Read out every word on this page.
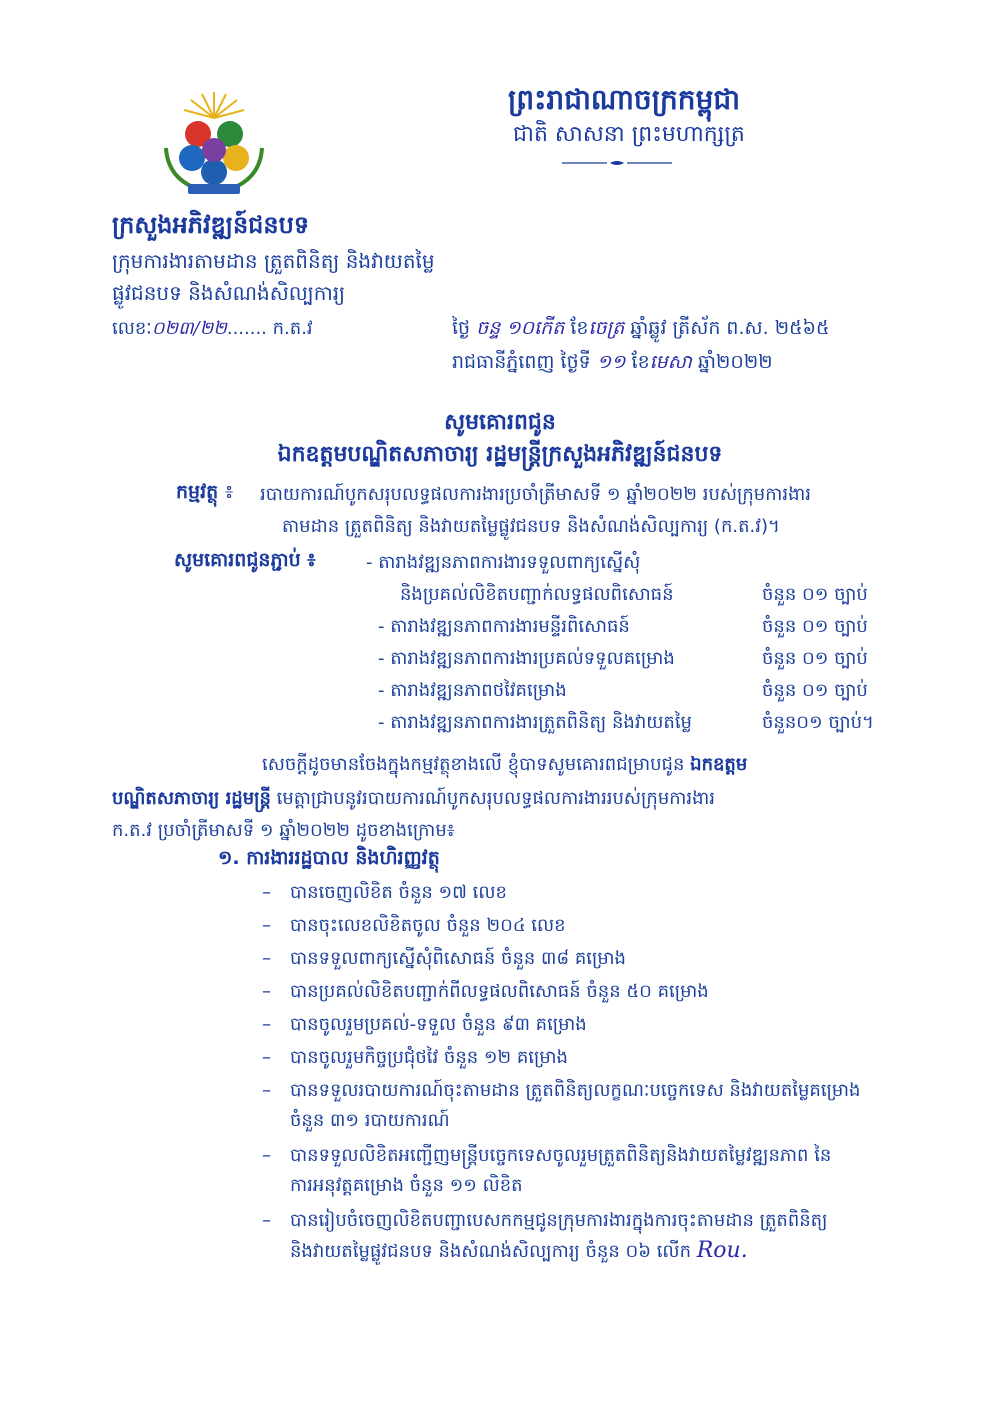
ព្រះរាជាណាចក្រកម្ពុជា
ជាតិ សាសនា ព្រះមហាក្សត្រ
ក្រសួងអភិវឌ្ឍន៍ជនបទ
ក្រុមការងារតាមដាន ត្រួតពិនិត្យ និងវាយតម្លៃ
ផ្លូវជនបទ និងសំណង់សិល្បការ្យ
លេខៈ០២៣/២២....... ក.ត.វ	ថ្ងៃ ចន្ទ ១០កើត ខែចេត្រ ឆ្នាំឆ្លូវ ត្រីស័ក ព.ស. ២៥៦៥
រាជធានីភ្នំពេញ ថ្ងៃទី ១១ ខែមេសា ឆ្នាំ២០២២
សូមគោរពជូន
ឯកឧត្តមបណ្ឌិតសភាចារ្យ រដ្ឋមន្ត្រីក្រសួងអភិវឌ្ឍន៍ជនបទ
កម្មវត្ថុ ៖ របាយការណ៍បូកសរុបលទ្ធផលការងារប្រចាំត្រីមាសទី ១ ឆ្នាំ២០២២ របស់ក្រុមការងារ
តាមដាន ត្រួតពិនិត្យ និងវាយតម្លៃផ្លូវជនបទ និងសំណង់សិល្បការ្យ (ក.ត.វ)។
សូមគោរពជូនភ្ជាប់ ៖	- តារាងវឌ្ឍនភាពការងារទទួលពាក្យស្នើសុំ
និងប្រគល់លិខិតបញ្ជាក់លទ្ធផលពិសោធន៍	ចំនួន ០១ ច្បាប់
- តារាងវឌ្ឍនភាពការងារមន្ទីរពិសោធន៍	ចំនួន ០១ ច្បាប់
- តារាងវឌ្ឍនភាពការងារប្រគល់ទទួលគម្រោង	ចំនួន ០១ ច្បាប់
- តារាងវឌ្ឍនភាពថវៃគម្រោង	ចំនួន ០១ ច្បាប់
- តារាងវឌ្ឍនភាពការងារត្រួតពិនិត្យ និងវាយតម្លៃ	ចំនួន០១ ច្បាប់។
សេចក្តីដូចមានចែងក្នុងកម្មវត្ថុខាងលើ ខ្ញុំបាទសូមគោរពជម្រាបជូន ឯកឧត្តម
បណ្ឌិតសភាចារ្យ រដ្ឋមន្ត្រី មេត្តាជ្រាបនូវរបាយការណ៍បូកសរុបលទ្ធផលការងាររបស់ក្រុមការងារ
ក.ត.វ ប្រចាំត្រីមាសទី ១ ឆ្នាំ២០២២ ដូចខាងក្រោម៖
១. ការងាររដ្ឋបាល និងហិរញ្ញវត្ថុ
– បានចេញលិខិត ចំនួន ១៧ លេខ
– បានចុះលេខលិខិតចូល ចំនួន ២០៤ លេខ
– បានទទួលពាក្យស្នើសុំពិសោធន៍ ចំនួន ៣៨ គម្រោង
– បានប្រគល់លិខិតបញ្ជាក់ពីលទ្ធផលពិសោធន៍ ចំនួន ៥០ គម្រោង
– បានចូលរួមប្រគល់-ទទួល ចំនួន ៩៣ គម្រោង
– បានចូលរួមកិច្ចប្រជុំថវៃ ចំនួន ១២ គម្រោង
– បានទទួលរបាយការណ៍ចុះតាមដាន ត្រួតពិនិត្យលក្ខណៈបច្ចេកទេស និងវាយតម្លៃគម្រោង
ចំនួន ៣១ របាយការណ៍
– បានទទួលលិខិតអញ្ជើញមន្ត្រីបច្ចេកទេសចូលរួមត្រួតពិនិត្យនិងវាយតម្លៃវឌ្ឍនភាព នៃ
ការអនុវត្តគម្រោង ចំនួន ១១ លិខិត
– បានរៀបចំចេញលិខិតបញ្ជាបេសកកម្មជូនក្រុមការងារក្នុងការចុះតាមដាន ត្រួតពិនិត្យ
និងវាយតម្លៃផ្លូវជនបទ និងសំណង់សិល្បការ្យ ចំនួន ០៦ លើក Rou.
